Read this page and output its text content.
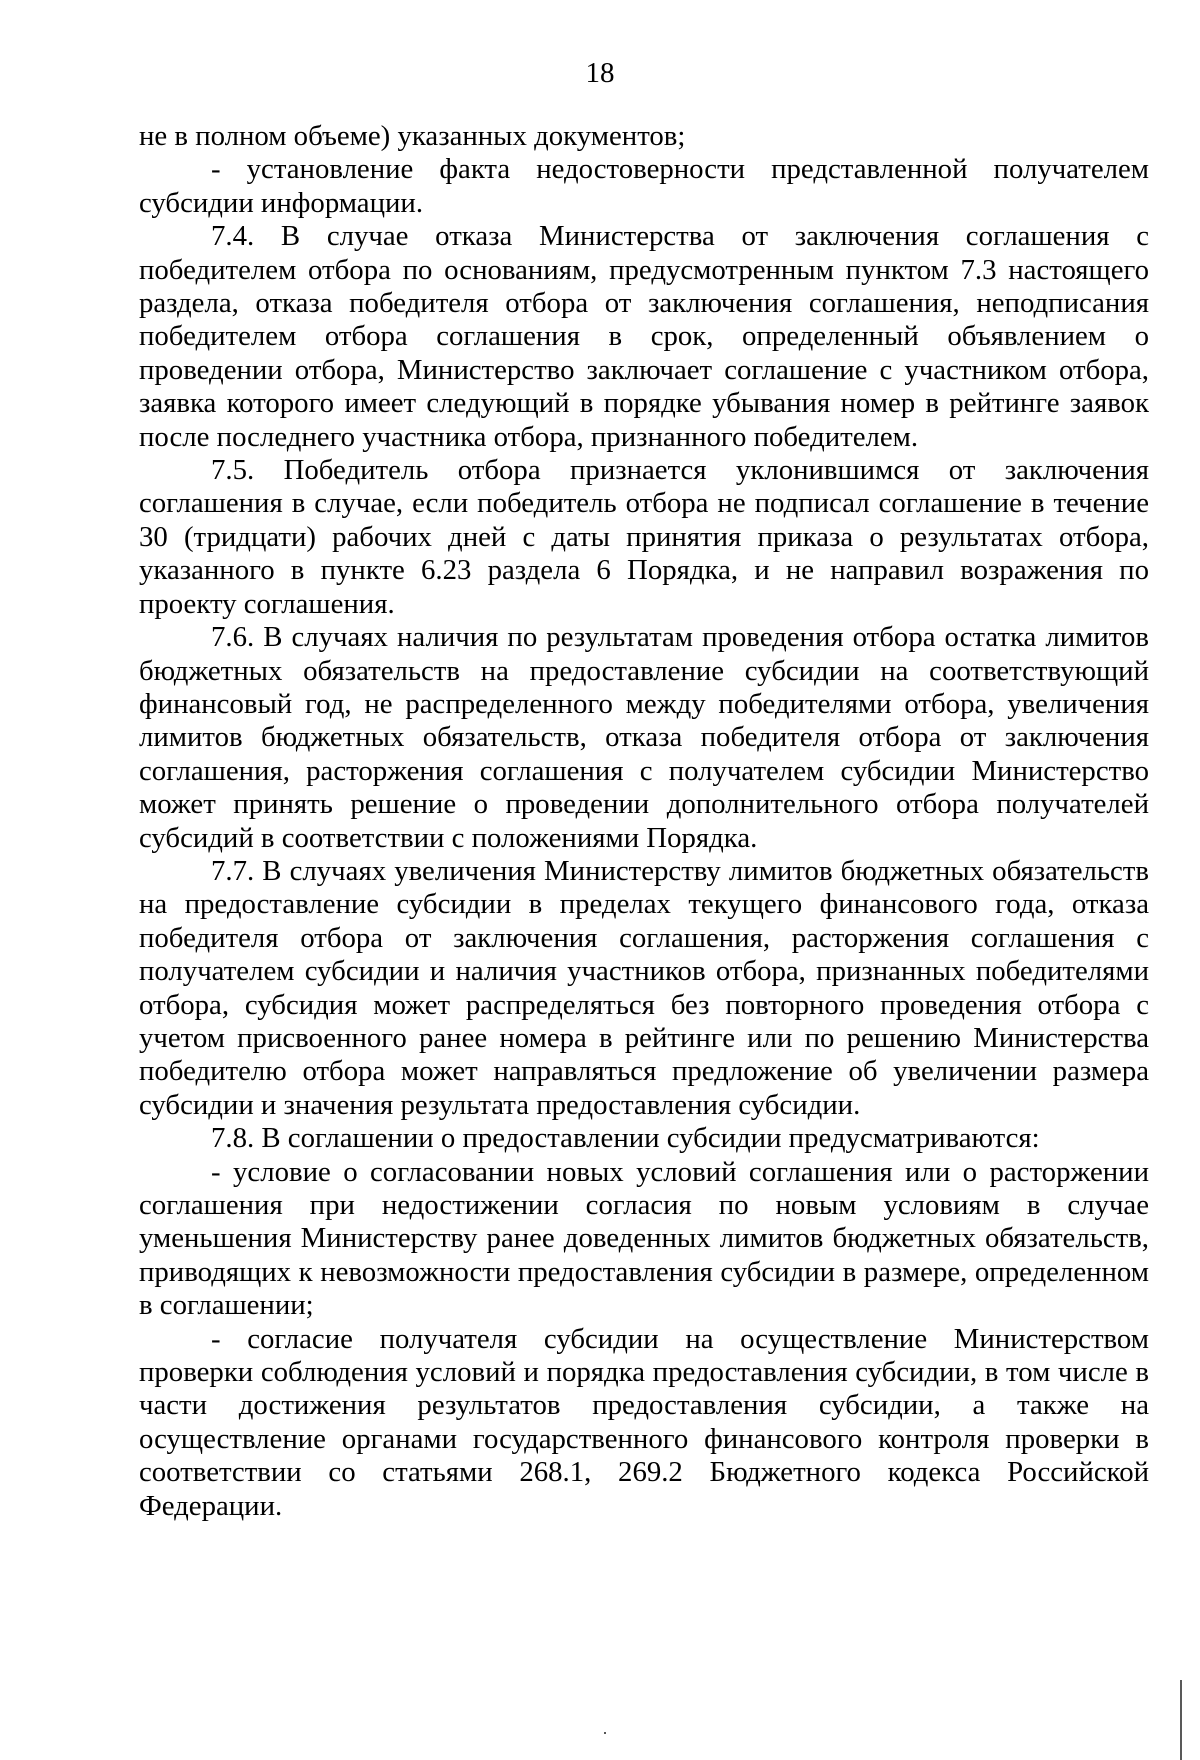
18

не в полном объеме) указанных документов;

- установление факта недостоверности представленной получателем субсидии информации.

7.4. В случае отказа Министерства от заключения соглашения с победителем отбора по основаниям, предусмотренным пунктом 7.3 настоящего раздела, отказа победителя отбора от заключения соглашения, неподписания победителем отбора соглашения в срок, определенный объявлением о проведении отбора, Министерство заключает соглашение с участником отбора, заявка которого имеет следующий в порядке убывания номер в рейтинге заявок после последнего участника отбора, признанного победителем.

7.5. Победитель отбора признается уклонившимся от заключения соглашения в случае, если победитель отбора не подписал соглашение в течение 30 (тридцати) рабочих дней с даты принятия приказа о результатах отбора, указанного в пункте 6.23 раздела 6 Порядка, и не направил возражения по проекту соглашения.

7.6. В случаях наличия по результатам проведения отбора остатка лимитов бюджетных обязательств на предоставление субсидии на соответствующий финансовый год, не распределенного между победителями отбора, увеличения лимитов бюджетных обязательств, отказа победителя отбора от заключения соглашения, расторжения соглашения с получателем субсидии Министерство может принять решение о проведении дополнительного отбора получателей субсидий в соответствии с положениями Порядка.

7.7. В случаях увеличения Министерству лимитов бюджетных обязательств на предоставление субсидии в пределах текущего финансового года, отказа победителя отбора от заключения соглашения, расторжения соглашения с получателем субсидии и наличия участников отбора, признанных победителями отбора, субсидия может распределяться без повторного проведения отбора с учетом присвоенного ранее номера в рейтинге или по решению Министерства победителю отбора может направляться предложение об увеличении размера субсидии и значения результата предоставления субсидии.

7.8. В соглашении о предоставлении субсидии предусматриваются:

- условие о согласовании новых условий соглашения или о расторжении соглашения при недостижении согласия по новым условиям в случае уменьшения Министерству ранее доведенных лимитов бюджетных обязательств, приводящих к невозможности предоставления субсидии в размере, определенном в соглашении;

- согласие получателя субсидии на осуществление Министерством проверки соблюдения условий и порядка предоставления субсидии, в том числе в части достижения результатов предоставления субсидии, а также на осуществление органами государственного финансового контроля проверки в соответствии со статьями 268.1, 269.2 Бюджетного кодекса Российской Федерации.
